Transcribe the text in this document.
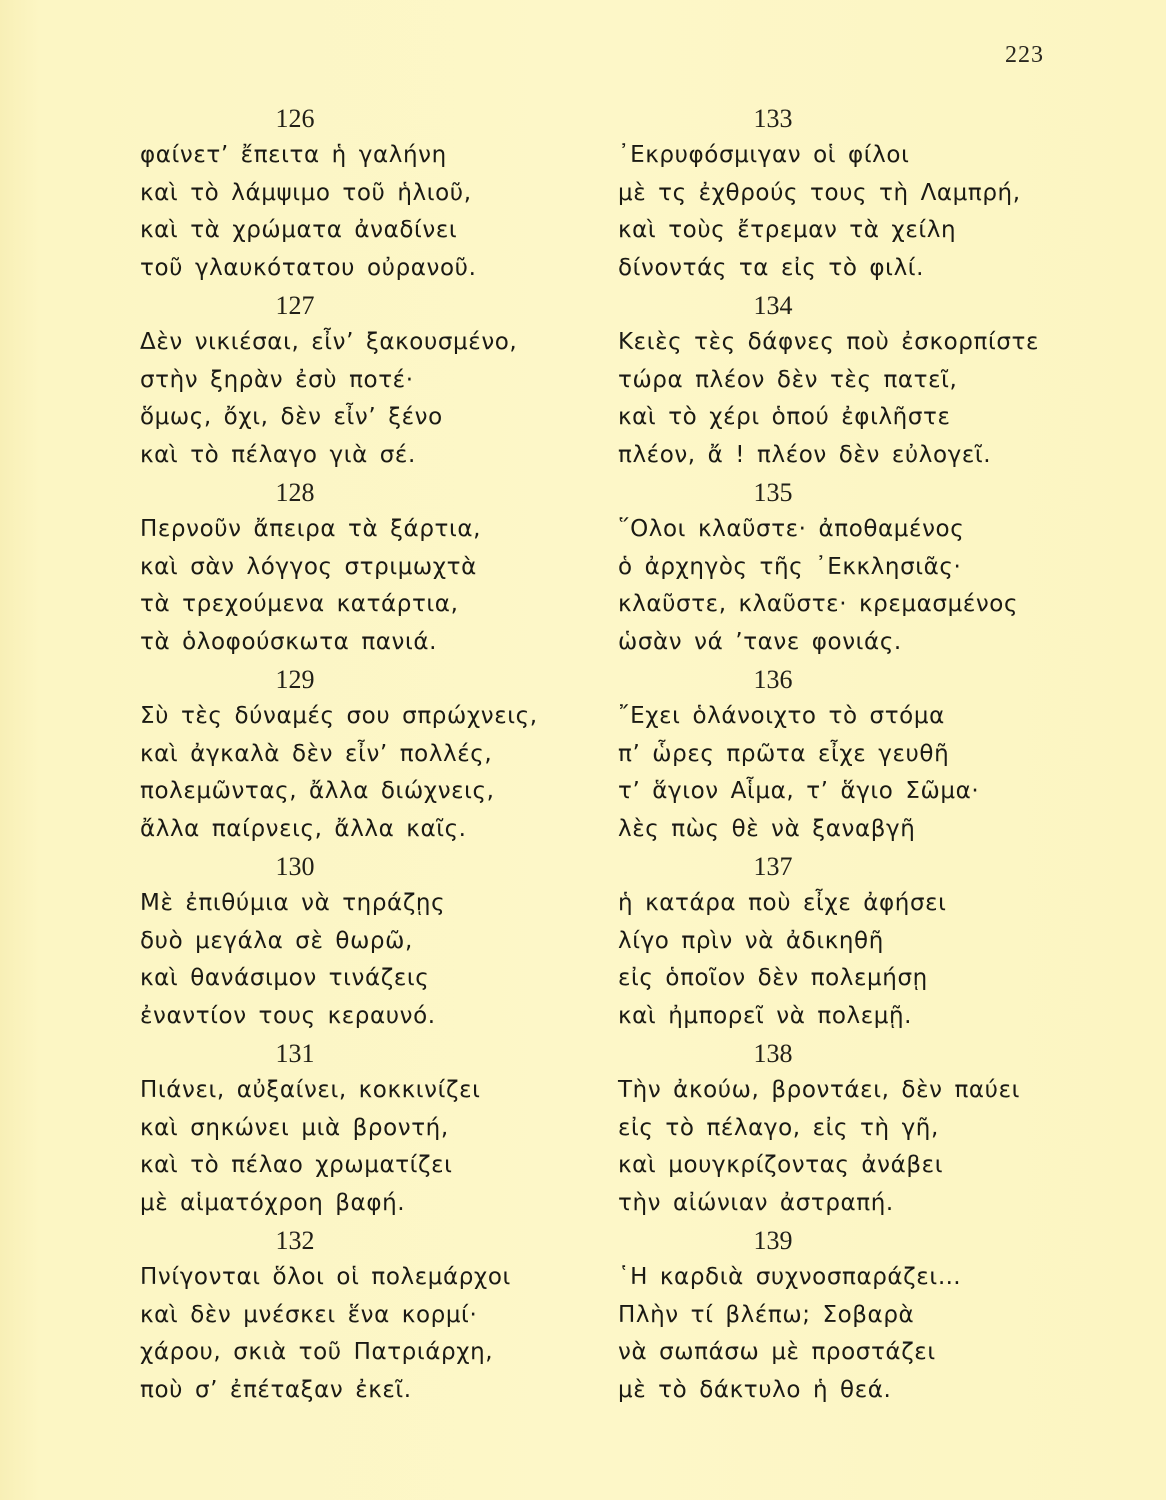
223
126
φαίνετ’ ἔπειτα ἡ γαλήνη
καὶ τὸ λάμψιμο τοῦ ἡλιοῦ,
καὶ τὰ χρώματα ἀναδίνει
τοῦ γλαυκότατου οὐρανοῦ.
127
Δὲν νικιέσαι, εἶν’ ξακουσμένο,
στὴν ξηρὰν ἐσὺ ποτέ·
ὅμως, ὄχι, δὲν εἶν’ ξένο
καὶ τὸ πέλαγο γιὰ σέ.
128
Περνοῦν ἄπειρα τὰ ξάρτια,
καὶ σὰν λόγγος στριμωχτὰ
τὰ τρεχούμενα κατάρτια,
τὰ ὁλοφούσκωτα πανιά.
129
Σὺ τὲς δύναμές σου σπρώχνεις,
καὶ ἀγκαλὰ δὲν εἶν’ πολλές,
πολεμῶντας, ἄλλα διώχνεις,
ἄλλα παίρνεις, ἄλλα καῖς.
130
Μὲ ἐπιθύμια νὰ τηράζῃς
δυὸ μεγάλα σὲ θωρῶ,
καὶ θανάσιμον τινάζεις
ἐναντίον τους κεραυνό.
131
Πιάνει, αὐξαίνει, κοκκινίζει
καὶ σηκώνει μιὰ βροντή,
καὶ τὸ πέλαο χρωματίζει
μὲ αἱματόχροη βαφή.
132
Πνίγονται ὅλοι οἱ πολεμάρχοι
καὶ δὲν μνέσκει ἕνα κορμί·
χάρου, σκιὰ τοῦ Πατριάρχη,
ποὺ σ’ ἐπέταξαν ἐκεῖ.
133
᾿Εκρυφόσμιγαν οἱ φίλοι
μὲ τς ἐχθρούς τους τὴ Λαμπρή,
καὶ τοὺς ἔτρεμαν τὰ χείλη
δίνοντάς τα εἰς τὸ φιλί.
134
Κειὲς τὲς δάφνες ποὺ ἐσκορπίστε
τώρα πλέον δὲν τὲς πατεῖ,
καὶ τὸ χέρι ὁπού ἐφιλῆστε
πλέον, ἄ ! πλέον δὲν εὐλογεῖ.
135
῞Ολοι κλαῦστε· ἀποθαμένος
ὁ ἀρχηγὸς τῆς ᾿Εκκλησιᾶς·
κλαῦστε, κλαῦστε· κρεμασμένος
ὡσὰν νά ’τανε φονιάς.
136
῎Εχει ὁλάνοιχτο τὸ στόμα
π’ ὧρες πρῶτα εἶχε γευθῆ
τ’ ἅγιον Αἷμα, τ’ ἅγιο Σῶμα·
λὲς πὼς θὲ νὰ ξαναβγῆ
137
ἡ κατάρα ποὺ εἶχε ἀφήσει
λίγο πρὶν νὰ ἀδικηθῆ
εἰς ὁποῖον δὲν πολεμήσῃ
καὶ ἠμπορεῖ νὰ πολεμῇ.
138
Τὴν ἀκούω, βροντάει, δὲν παύει
εἰς τὸ πέλαγο, εἰς τὴ γῆ,
καὶ μουγκρίζοντας ἀνάβει
τὴν αἰώνιαν ἀστραπή.
139
῾Η καρδιὰ συχνοσπαράζει…
Πλὴν τί βλέπω; Σοβαρὰ
νὰ σωπάσω μὲ προστάζει
μὲ τὸ δάκτυλο ἡ θεά.
